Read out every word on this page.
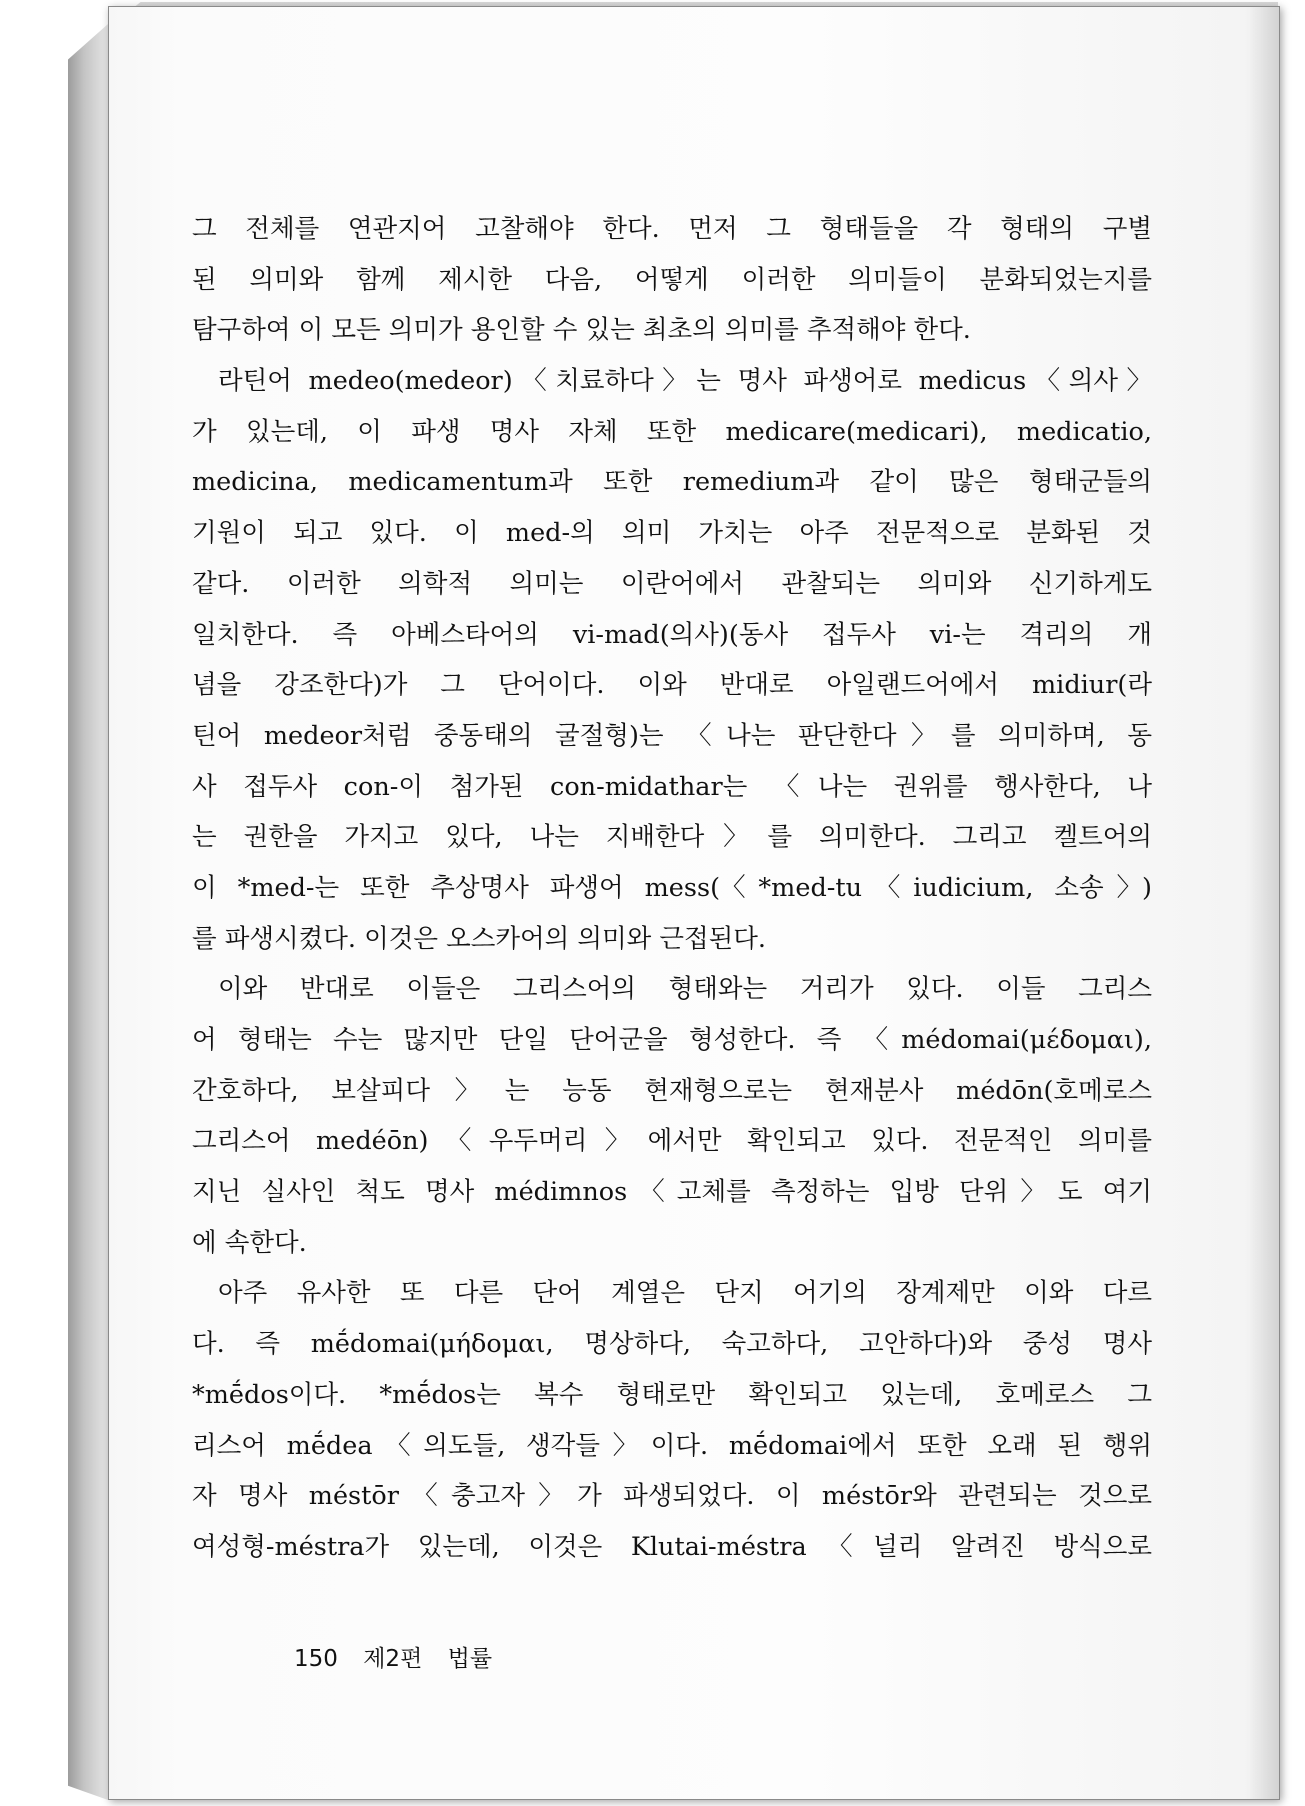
그 전체를 연관지어 고찰해야 한다. 먼저 그 형태들을 각 형태의 구별
된 의미와 함께 제시한 다음, 어떻게 이러한 의미들이 분화되었는지를
탐구하여 이 모든 의미가 용인할 수 있는 최초의 의미를 추적해야 한다.
라틴어 medeo(medeor)〈치료하다〉는 명사 파생어로 medicus〈의사〉
가 있는데, 이 파생 명사 자체 또한 medicare(medicari), medicatio,
medicina, medicamentum과 또한 remedium과 같이 많은 형태군들의
기원이 되고 있다. 이 med-의 의미 가치는 아주 전문적으로 분화된 것
같다. 이러한 의학적 의미는 이란어에서 관찰되는 의미와 신기하게도
일치한다. 즉 아베스타어의 vi-mad(의사)(동사 접두사 vi-는 격리의 개
념을 강조한다)가 그 단어이다. 이와 반대로 아일랜드어에서 midiur(라
틴어 medeor처럼 중동태의 굴절형)는 〈나는 판단한다〉를 의미하며, 동
사 접두사 con-이 첨가된 con-midathar는 〈나는 권위를 행사한다, 나
는 권한을 가지고 있다, 나는 지배한다〉를 의미한다. 그리고 켈트어의
이 *med-는 또한 추상명사 파생어 mess(〈*med-tu〈iudicium, 소송〉)
를 파생시켰다. 이것은 오스카어의 의미와 근접된다.
이와 반대로 이들은 그리스어의 형태와는 거리가 있다. 이들 그리스
어 형태는 수는 많지만 단일 단어군을 형성한다. 즉 〈médomai(μέδομαι),
간호하다, 보살피다〉는 능동 현재형으로는 현재분사 médōn(호메로스
그리스어 medéōn)〈우두머리〉에서만 확인되고 있다. 전문적인 의미를
지닌 실사인 척도 명사 médimnos〈고체를 측정하는 입방 단위〉도 여기
에 속한다.
아주 유사한 또 다른 단어 계열은 단지 어기의 장계제만 이와 다르
다. 즉 mḗdomai(μήδομαι, 명상하다, 숙고하다, 고안하다)와 중성 명사
*mḗdos이다. *mḗdos는 복수 형태로만 확인되고 있는데, 호메로스 그
리스어 mḗdea〈의도들, 생각들〉이다. mḗdomai에서 또한 오래 된 행위
자 명사 méstōr〈충고자〉가 파생되었다. 이 méstōr와 관련되는 것으로
여성형-méstra가 있는데, 이것은 Klutai-méstra〈널리 알려진 방식으로
150 제2편 법률
